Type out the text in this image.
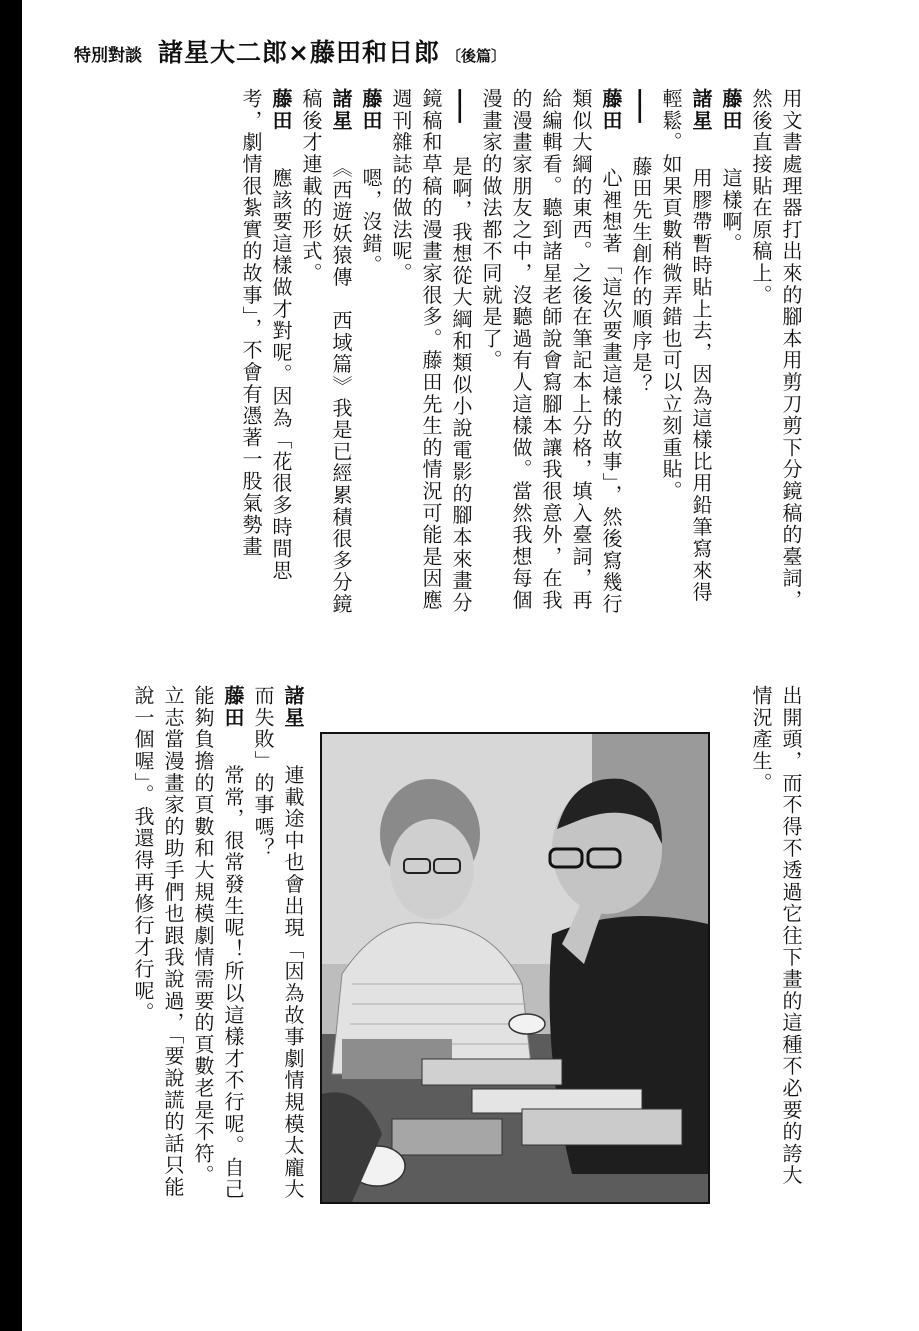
特別對談 諸星大二郎×藤田和日郎 〔後篇〕

用文書處理器打出來的腳本用剪刀剪下分鏡稿的臺詞，然後直接貼在原稿上。

藤田　這樣啊。

諸星　用膠帶暫時貼上去，因為這樣比用鉛筆寫來得輕鬆。如果頁數稍微弄錯也可以立刻重貼。

——　藤田先生創作的順序是？

藤田　心裡想著「這次要畫這樣的故事」，然後寫幾行類似大綱的東西。之後在筆記本上分格，填入臺詞，再給編輯看。聽到諸星老師說會寫腳本讓我很意外，在我的漫畫家朋友之中，沒聽過有人這樣做。當然我想每個漫畫家的做法都不同就是了。

——　是啊，我想從大綱和類似小說電影的腳本來畫分鏡稿和草稿的漫畫家很多。藤田先生的情況可能是因應週刊雜誌的做法呢。

藤田　嗯，沒錯。

諸星　《西遊妖猿傳　西域篇》我是已經累積很多分鏡稿後才連載的形式。

藤田　應該要這樣做才對呢。因為「花很多時間思考，劇情很紮實的故事」，不會有憑著一股氣勢畫

出開頭，而不得不透過它往下畫的這種不必要的誇大情況產生。

諸星　連載途中也會出現「因為故事劇情規模太龐大而失敗」的事嗎？

藤田　常常，很常發生呢！所以這樣才不行呢。自己能夠負擔的頁數和大規模劇情需要的頁數老是不符。立志當漫畫家的助手們也跟我說過，「要說謊的話只能說一個喔」。我還得再修行才行呢。
